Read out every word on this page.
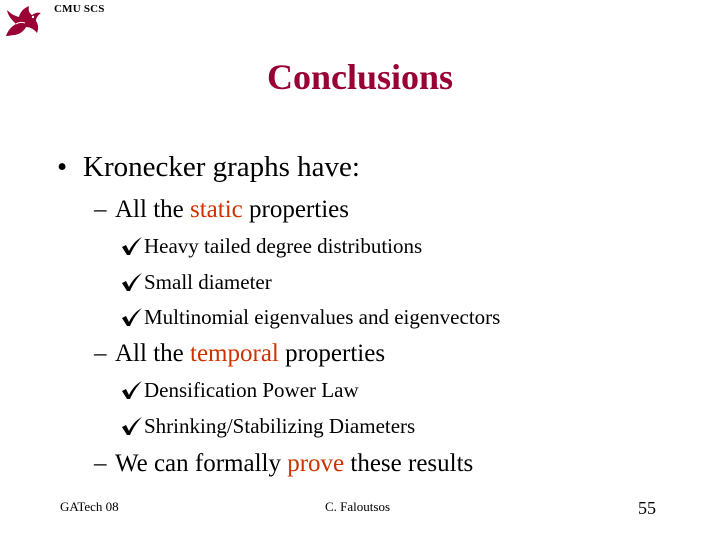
CMU SCS
Conclusions
• Kronecker graphs have:
– All the static properties
Heavy tailed degree distributions
Small diameter
Multinomial eigenvalues and eigenvectors
– All the temporal properties
Densification Power Law
Shrinking/Stabilizing Diameters
– We can formally prove these results
GATech 08	C. Faloutsos	55
